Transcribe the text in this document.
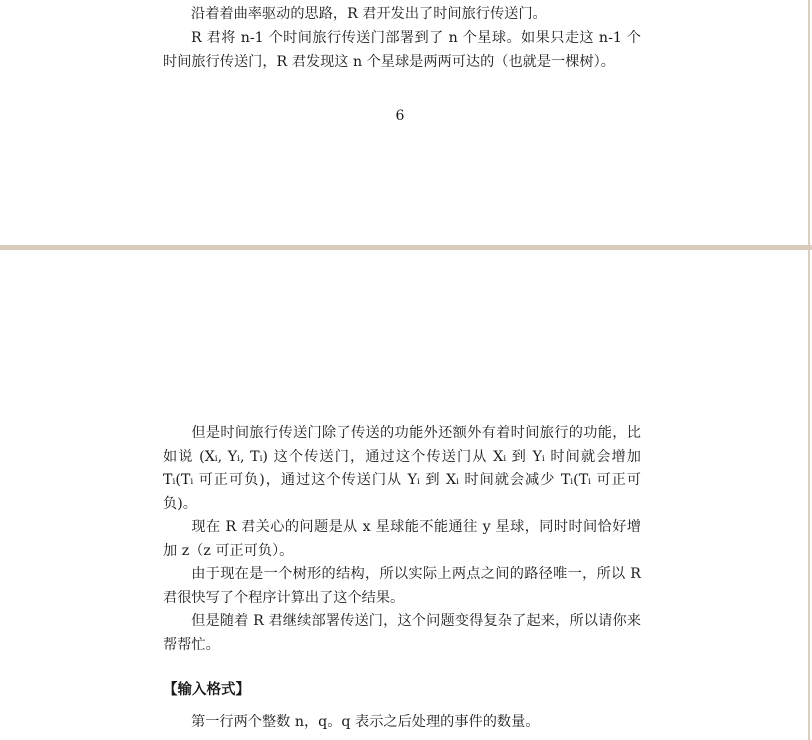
沿着着曲率驱动的思路，R 君开发出了时间旅行传送门。

R 君将 n-1 个时间旅行传送门部署到了 n 个星球。如果只走这 n-1 个时间旅行传送门，R 君发现这 n 个星球是两两可达的（也就是一棵树）。

6

但是时间旅行传送门除了传送的功能外还额外有着时间旅行的功能，比如说 (Xᵢ, Yᵢ, Tᵢ) 这个传送门，通过这个传送门从 Xᵢ 到 Yᵢ 时间就会增加 Tᵢ(Tᵢ 可正可负)，通过这个传送门从 Yᵢ 到 Xᵢ 时间就会减少 Tᵢ(Tᵢ 可正可负)。

现在 R 君关心的问题是从 x 星球能不能通往 y 星球，同时时间恰好增加 z（z 可正可负）。

由于现在是一个树形的结构，所以实际上两点之间的路径唯一，所以 R 君很快写了个程序计算出了这个结果。

但是随着 R 君继续部署传送门，这个问题变得复杂了起来，所以请你来帮帮忙。

【输入格式】

第一行两个整数 n，q。q 表示之后处理的事件的数量。
